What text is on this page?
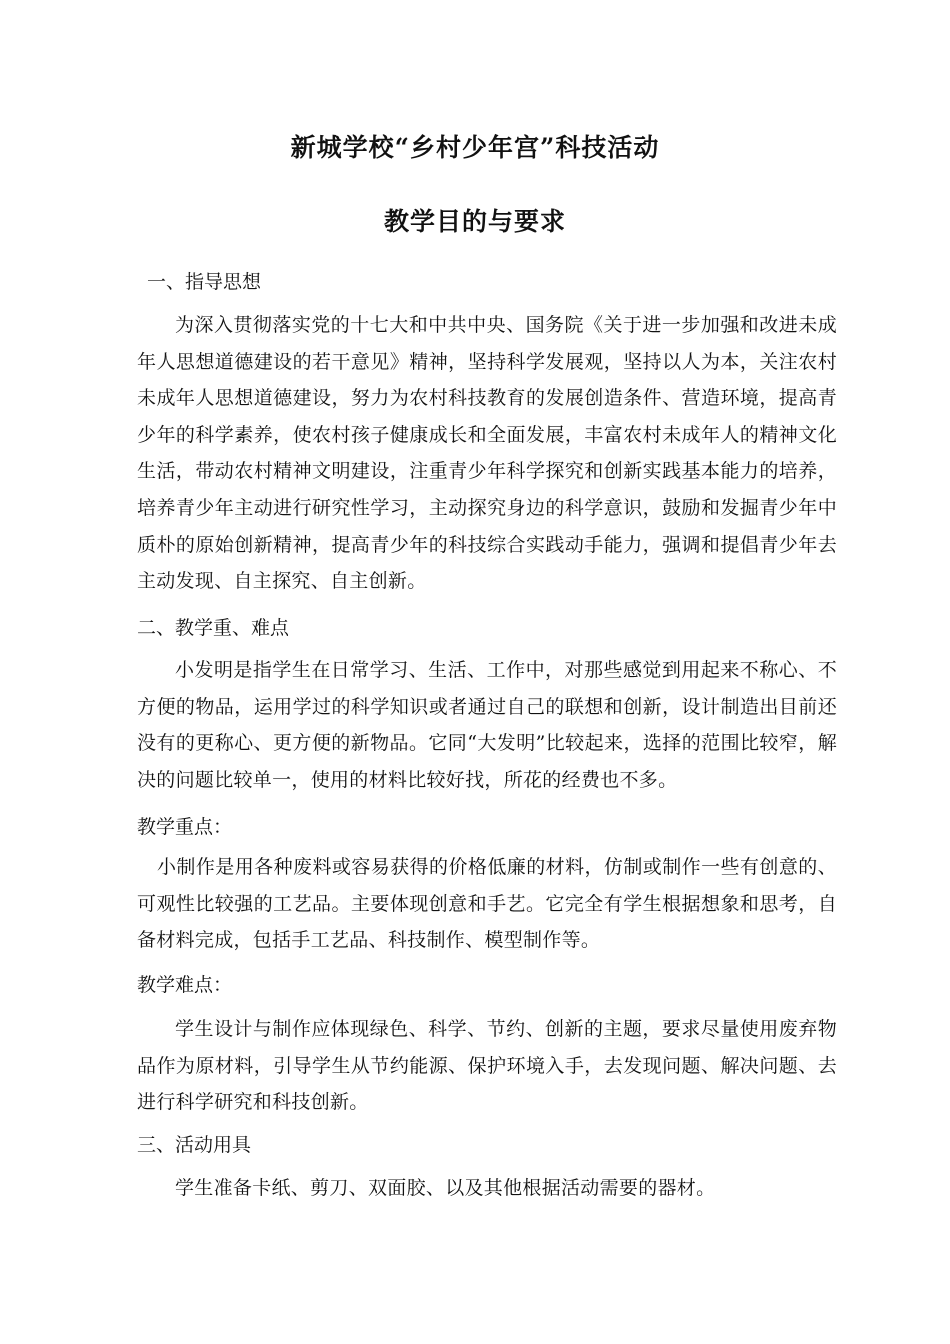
新城学校“乡村少年宫”科技活动
教学目的与要求
一、指导思想
为深入贯彻落实党的十七大和中共中央、国务院《关于进一步加强和改进未成年人思想道德建设的若干意见》精神，坚持科学发展观，坚持以人为本，关注农村未成年人思想道德建设，努力为农村科技教育的发展创造条件、营造环境，提高青少年的科学素养，使农村孩子健康成长和全面发展，丰富农村未成年人的精神文化生活，带动农村精神文明建设，注重青少年科学探究和创新实践基本能力的培养，培养青少年主动进行研究性学习，主动探究身边的科学意识，鼓励和发掘青少年中质朴的原始创新精神，提高青少年的科技综合实践动手能力，强调和提倡青少年去主动发现、自主探究、自主创新。
二、教学重、难点
小发明是指学生在日常学习、生活、工作中，对那些感觉到用起来不称心、不方便的物品，运用学过的科学知识或者通过自己的联想和创新，设计制造出目前还没有的更称心、更方便的新物品。它同“大发明”比较起来，选择的范围比较窄，解决的问题比较单一，使用的材料比较好找，所花的经费也不多。
教学重点：
小制作是用各种废料或容易获得的价格低廉的材料，仿制或制作一些有创意的、可观性比较强的工艺品。主要体现创意和手艺。它完全有学生根据想象和思考，自备材料完成，包括手工艺品、科技制作、模型制作等。
教学难点：
学生设计与制作应体现绿色、科学、节约、创新的主题，要求尽量使用废弃物品作为原材料，引导学生从节约能源、保护环境入手，去发现问题、解决问题、去进行科学研究和科技创新。
三、活动用具
学生准备卡纸、剪刀、双面胶、以及其他根据活动需要的器材。
